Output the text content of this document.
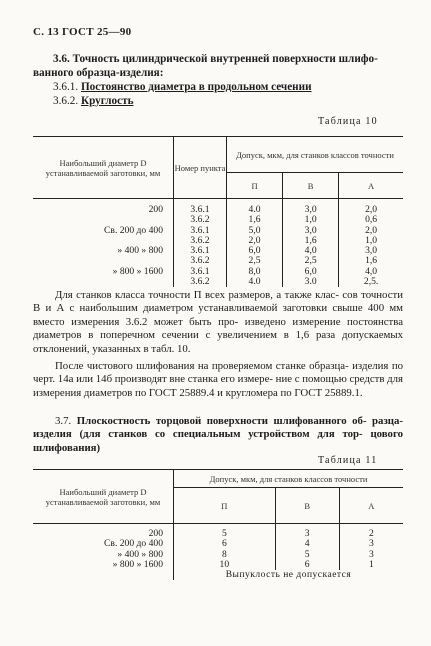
С. 13 ГОСТ 25—90
3.6. Точность цилиндрической внутренней поверхности шлифо-
ванного образца-изделия:
3.6.1. Постоянство диаметра в продольном сечении
3.6.2. Круглость
Таблица 10
Наибольший диаметр D устанавливаемой заготовки, мм	Номер пункта	Допуск, мкм, для станков классов точности		
		П	В	А

200	3.6.1	4.0	3,0	2,0
	3.6.2	1,6	1,0	0,6
Св. 200 до 400	3.6.1	5,0	3,0	2,0
	3.6.2	2,0	1,6	1,0
» 400 » 800	3.6.1	6,0	4,0	3,0
	3.6.2	2,5	2,5	1,6
» 800 » 1600	3.6.1	8,0	6,0	4,0
	3.6.2	4.0	3.0	2,5.
Для станков класса точности П всех размеров, а также клас- сов точности В и А с наибольшим диаметром устанавливаемой заготовки свыше 400 мм вместо измерения 3.6.2 может быть про- изведено измерение постоянства диаметров в поперечном сечении с увеличением в 1,6 раза допускаемых отклонений, указанных в табл. 10.
После чистового шлифования на проверяемом станке образца- изделия по черт. 14а или 14б производят вне станка его измере- ние с помощью средств для измерения диаметров по ГОСТ 25889.4 и кругломера по ГОСТ 25889.1.
3.7. Плоскостность торцовой поверхности шлифованного об- разца-изделия (для станков со специальным устройством для тор- цового шлифования)
Таблица 11
Наибольший диаметр D устанавливаемой заготовки, мм	Допуск, мкм, для станков классов точности		
	П	В	А

200	5	3	2
Св. 200 до 400	6	4	3
» 400 » 800	8	5	3
» 800 » 1600	10	6	1
	Выпуклость не допускается		
